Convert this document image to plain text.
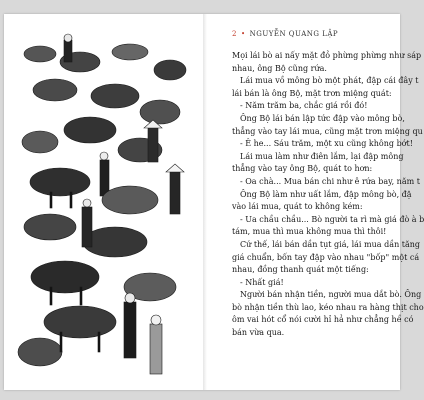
2 • NGUYỄN QUANG LẬP

Mọi lái bò ai nấy mặt đỏ phừng phừng như sáp

nhau, ông Bộ cũng rứa.

Lái mua vồ mông bò một phát, đập cái đây t

lái bán là ông Bộ, mặt trơn miệng quát:

- Năm trăm ba, chắc giá rồi đó!

Ông Bộ lái bán lập tức đập vào mông bò,

thẳng vào tay lái mua, cũng mặt trơn miệng qu

- Ê he... Sáu trăm, một xu cũng không bớt!

Lái mua làm như điên lắm, lại đập mông

thẳng vào tay ông Bộ, quát to hơn:

- Oa chà... Mua bán chi như ê rứa bay, năm t

Ông Bộ làm như uất lắm, đập mông bò, đậ

vào lái mua, quát to không kém:

- Ua chầu chầu... Bò người ta rì mà giá đò à b

tám, mua thì mua không mua thì thôi!

Cứ thế, lái bán dần tụt giá, lái mua dần tăng

giá chuẩn, bốn tay đập vào nhau "bốp" một cá

nhau, đồng thanh quát một tiếng:

- Nhất giá!

Người bán nhận tiền, người mua dắt bò. Ông

bò nhận tiền thù lao, kéo nhau ra hàng thịt cho

ôm vai hót cổ nói cười hỉ hả như chẳng hề có

bán vừa qua.
